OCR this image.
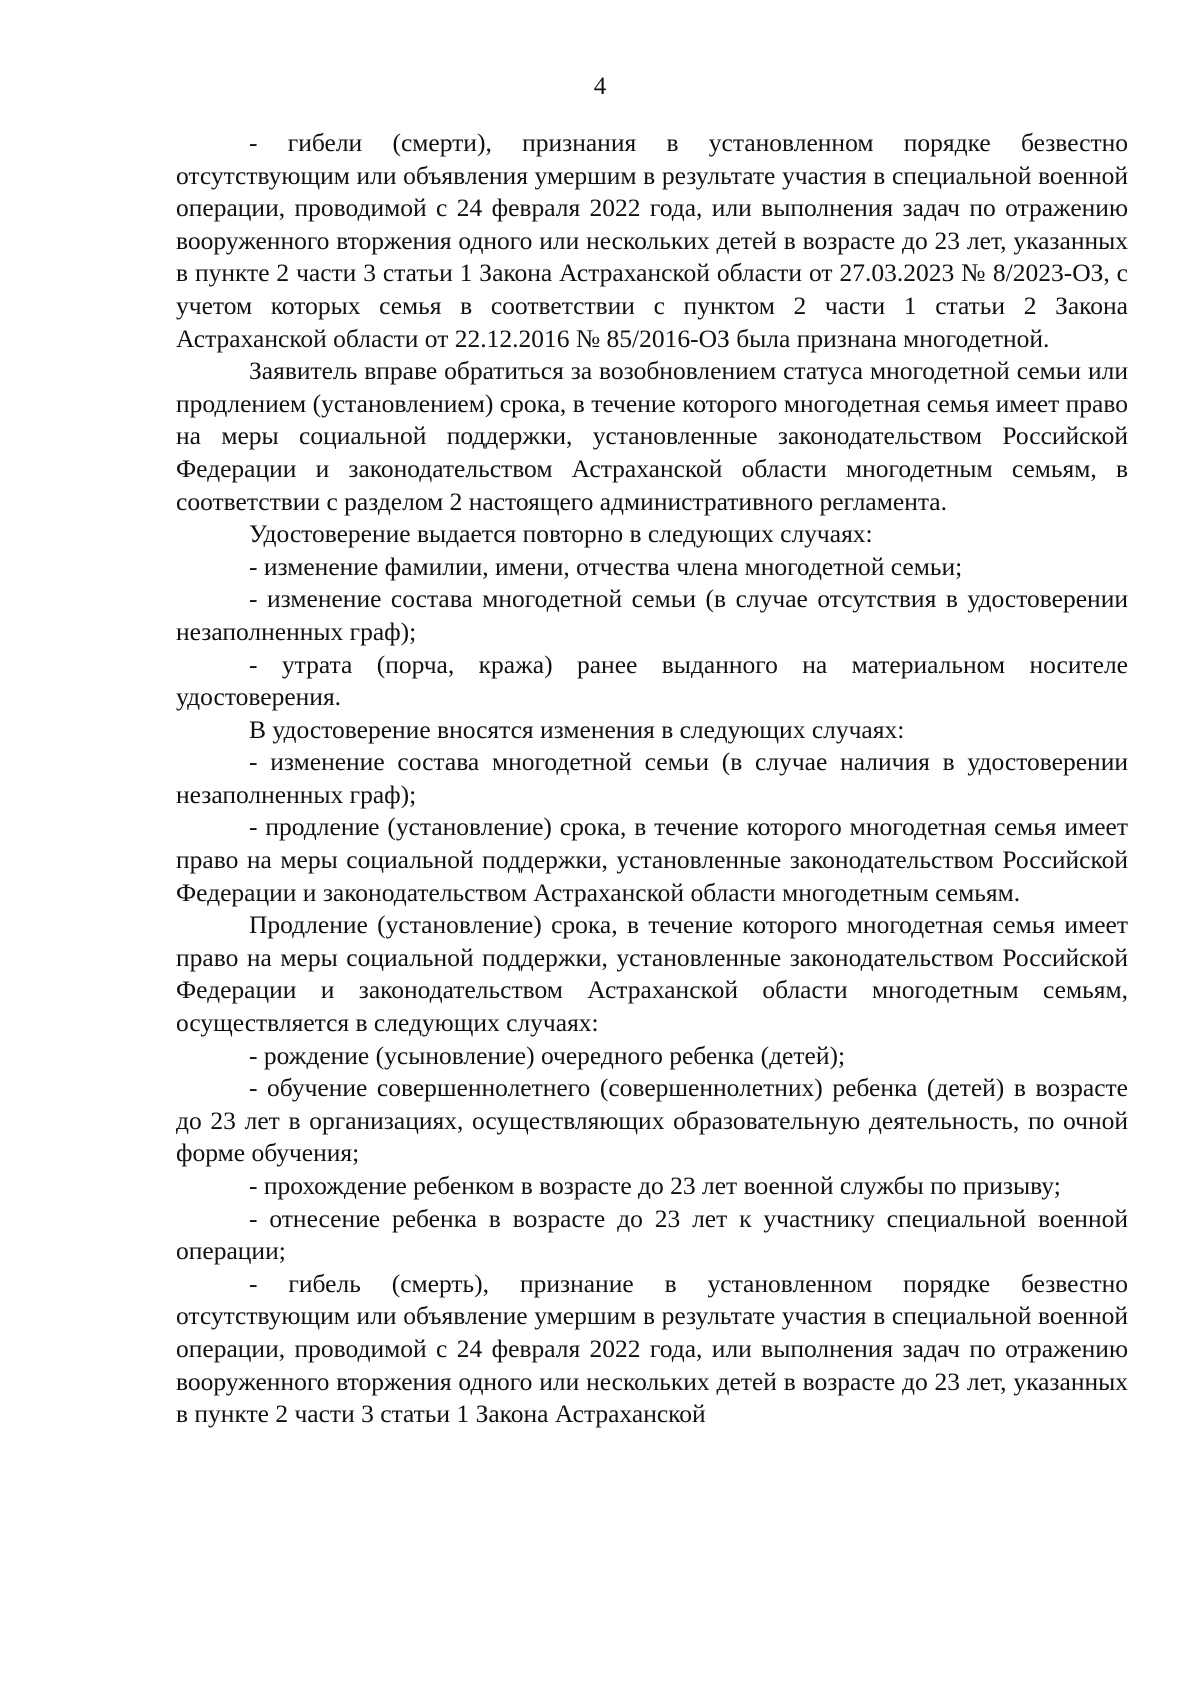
4

- гибели (смерти), признания в установленном порядке безвестно отсутствующим или объявления умершим в результате участия в специальной военной операции, проводимой с 24 февраля 2022 года, или выполнения задач по отражению вооруженного вторжения одного или нескольких детей в возрасте до 23 лет, указанных в пункте 2 части 3 статьи 1 Закона Астраханской области от 27.03.2023 № 8/2023-ОЗ, с учетом которых семья в соответствии с пунктом 2 части 1 статьи 2 Закона Астраханской области от 22.12.2016 № 85/2016-ОЗ была признана многодетной.

Заявитель вправе обратиться за возобновлением статуса многодетной семьи или продлением (установлением) срока, в течение которого многодетная семья имеет право на меры социальной поддержки, установленные законодательством Российской Федерации и законодательством Астраханской области многодетным семьям, в соответствии с разделом 2 настоящего административного регламента.

Удостоверение выдается повторно в следующих случаях:

- изменение фамилии, имени, отчества члена многодетной семьи;

- изменение состава многодетной семьи (в случае отсутствия в удостоверении незаполненных граф);

- утрата (порча, кража) ранее выданного на материальном носителе удостоверения.

В удостоверение вносятся изменения в следующих случаях:

- изменение состава многодетной семьи (в случае наличия в удостоверении незаполненных граф);

- продление (установление) срока, в течение которого многодетная семья имеет право на меры социальной поддержки, установленные законодательством Российской Федерации и законодательством Астраханской области многодетным семьям.

Продление (установление) срока, в течение которого многодетная семья имеет право на меры социальной поддержки, установленные законодательством Российской Федерации и законодательством Астраханской области многодетным семьям, осуществляется в следующих случаях:

- рождение (усыновление) очередного ребенка (детей);

- обучение совершеннолетнего (совершеннолетних) ребенка (детей) в возрасте до 23 лет в организациях, осуществляющих образовательную деятельность, по очной форме обучения;

- прохождение ребенком в возрасте до 23 лет военной службы по призыву;

- отнесение ребенка в возрасте до 23 лет к участнику специальной военной операции;

- гибель (смерть), признание в установленном порядке безвестно отсутствующим или объявление умершим в результате участия в специальной военной операции, проводимой с 24 февраля 2022 года, или выполнения задач по отражению вооруженного вторжения одного или нескольких детей в возрасте до 23 лет, указанных в пункте 2 части 3 статьи 1 Закона Астраханской
